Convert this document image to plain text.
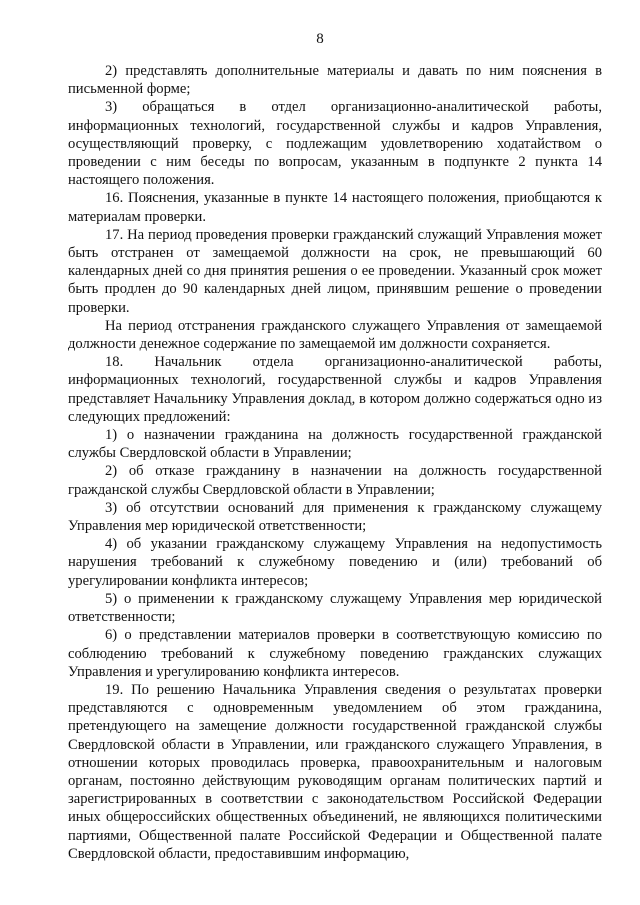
8

2) представлять дополнительные материалы и давать по ним пояснения в письменной форме;

3) обращаться в отдел организационно-аналитической работы, информационных технологий, государственной службы и кадров Управления, осуществляющий проверку, с подлежащим удовлетворению ходатайством о проведении с ним беседы по вопросам, указанным в подпункте 2 пункта 14 настоящего положения.

16. Пояснения, указанные в пункте 14 настоящего положения, приобщаются к материалам проверки.

17. На период проведения проверки гражданский служащий Управления может быть отстранен от замещаемой должности на срок, не превышающий 60 календарных дней со дня принятия решения о ее проведении. Указанный срок может быть продлен до 90 календарных дней лицом, принявшим решение о проведении проверки.

На период отстранения гражданского служащего Управления от замещаемой должности денежное содержание по замещаемой им должности сохраняется.

18. Начальник отдела организационно-аналитической работы, информационных технологий, государственной службы и кадров Управления представляет Начальнику Управления доклад, в котором должно содержаться одно из следующих предложений:

1) о назначении гражданина на должность государственной гражданской службы Свердловской области в Управлении;

2) об отказе гражданину в назначении на должность государственной гражданской службы Свердловской области в Управлении;

3) об отсутствии оснований для применения к гражданскому служащему Управления мер юридической ответственности;

4) об указании гражданскому служащему Управления на недопустимость нарушения требований к служебному поведению и (или) требований об урегулировании конфликта интересов;

5) о применении к гражданскому служащему Управления мер юридической ответственности;

6) о представлении материалов проверки в соответствующую комиссию по соблюдению требований к служебному поведению гражданских служащих Управления и урегулированию конфликта интересов.

19. По решению Начальника Управления сведения о результатах проверки представляются с одновременным уведомлением об этом гражданина, претендующего на замещение должности государственной гражданской службы Свердловской области в Управлении, или гражданского служащего Управления, в отношении которых проводилась проверка, правоохранительным и налоговым органам, постоянно действующим руководящим органам политических партий и зарегистрированных в соответствии с законодательством Российской Федерации иных общероссийских общественных объединений, не являющихся политическими партиями, Общественной палате Российской Федерации и Общественной палате Свердловской области, предоставившим информацию,
